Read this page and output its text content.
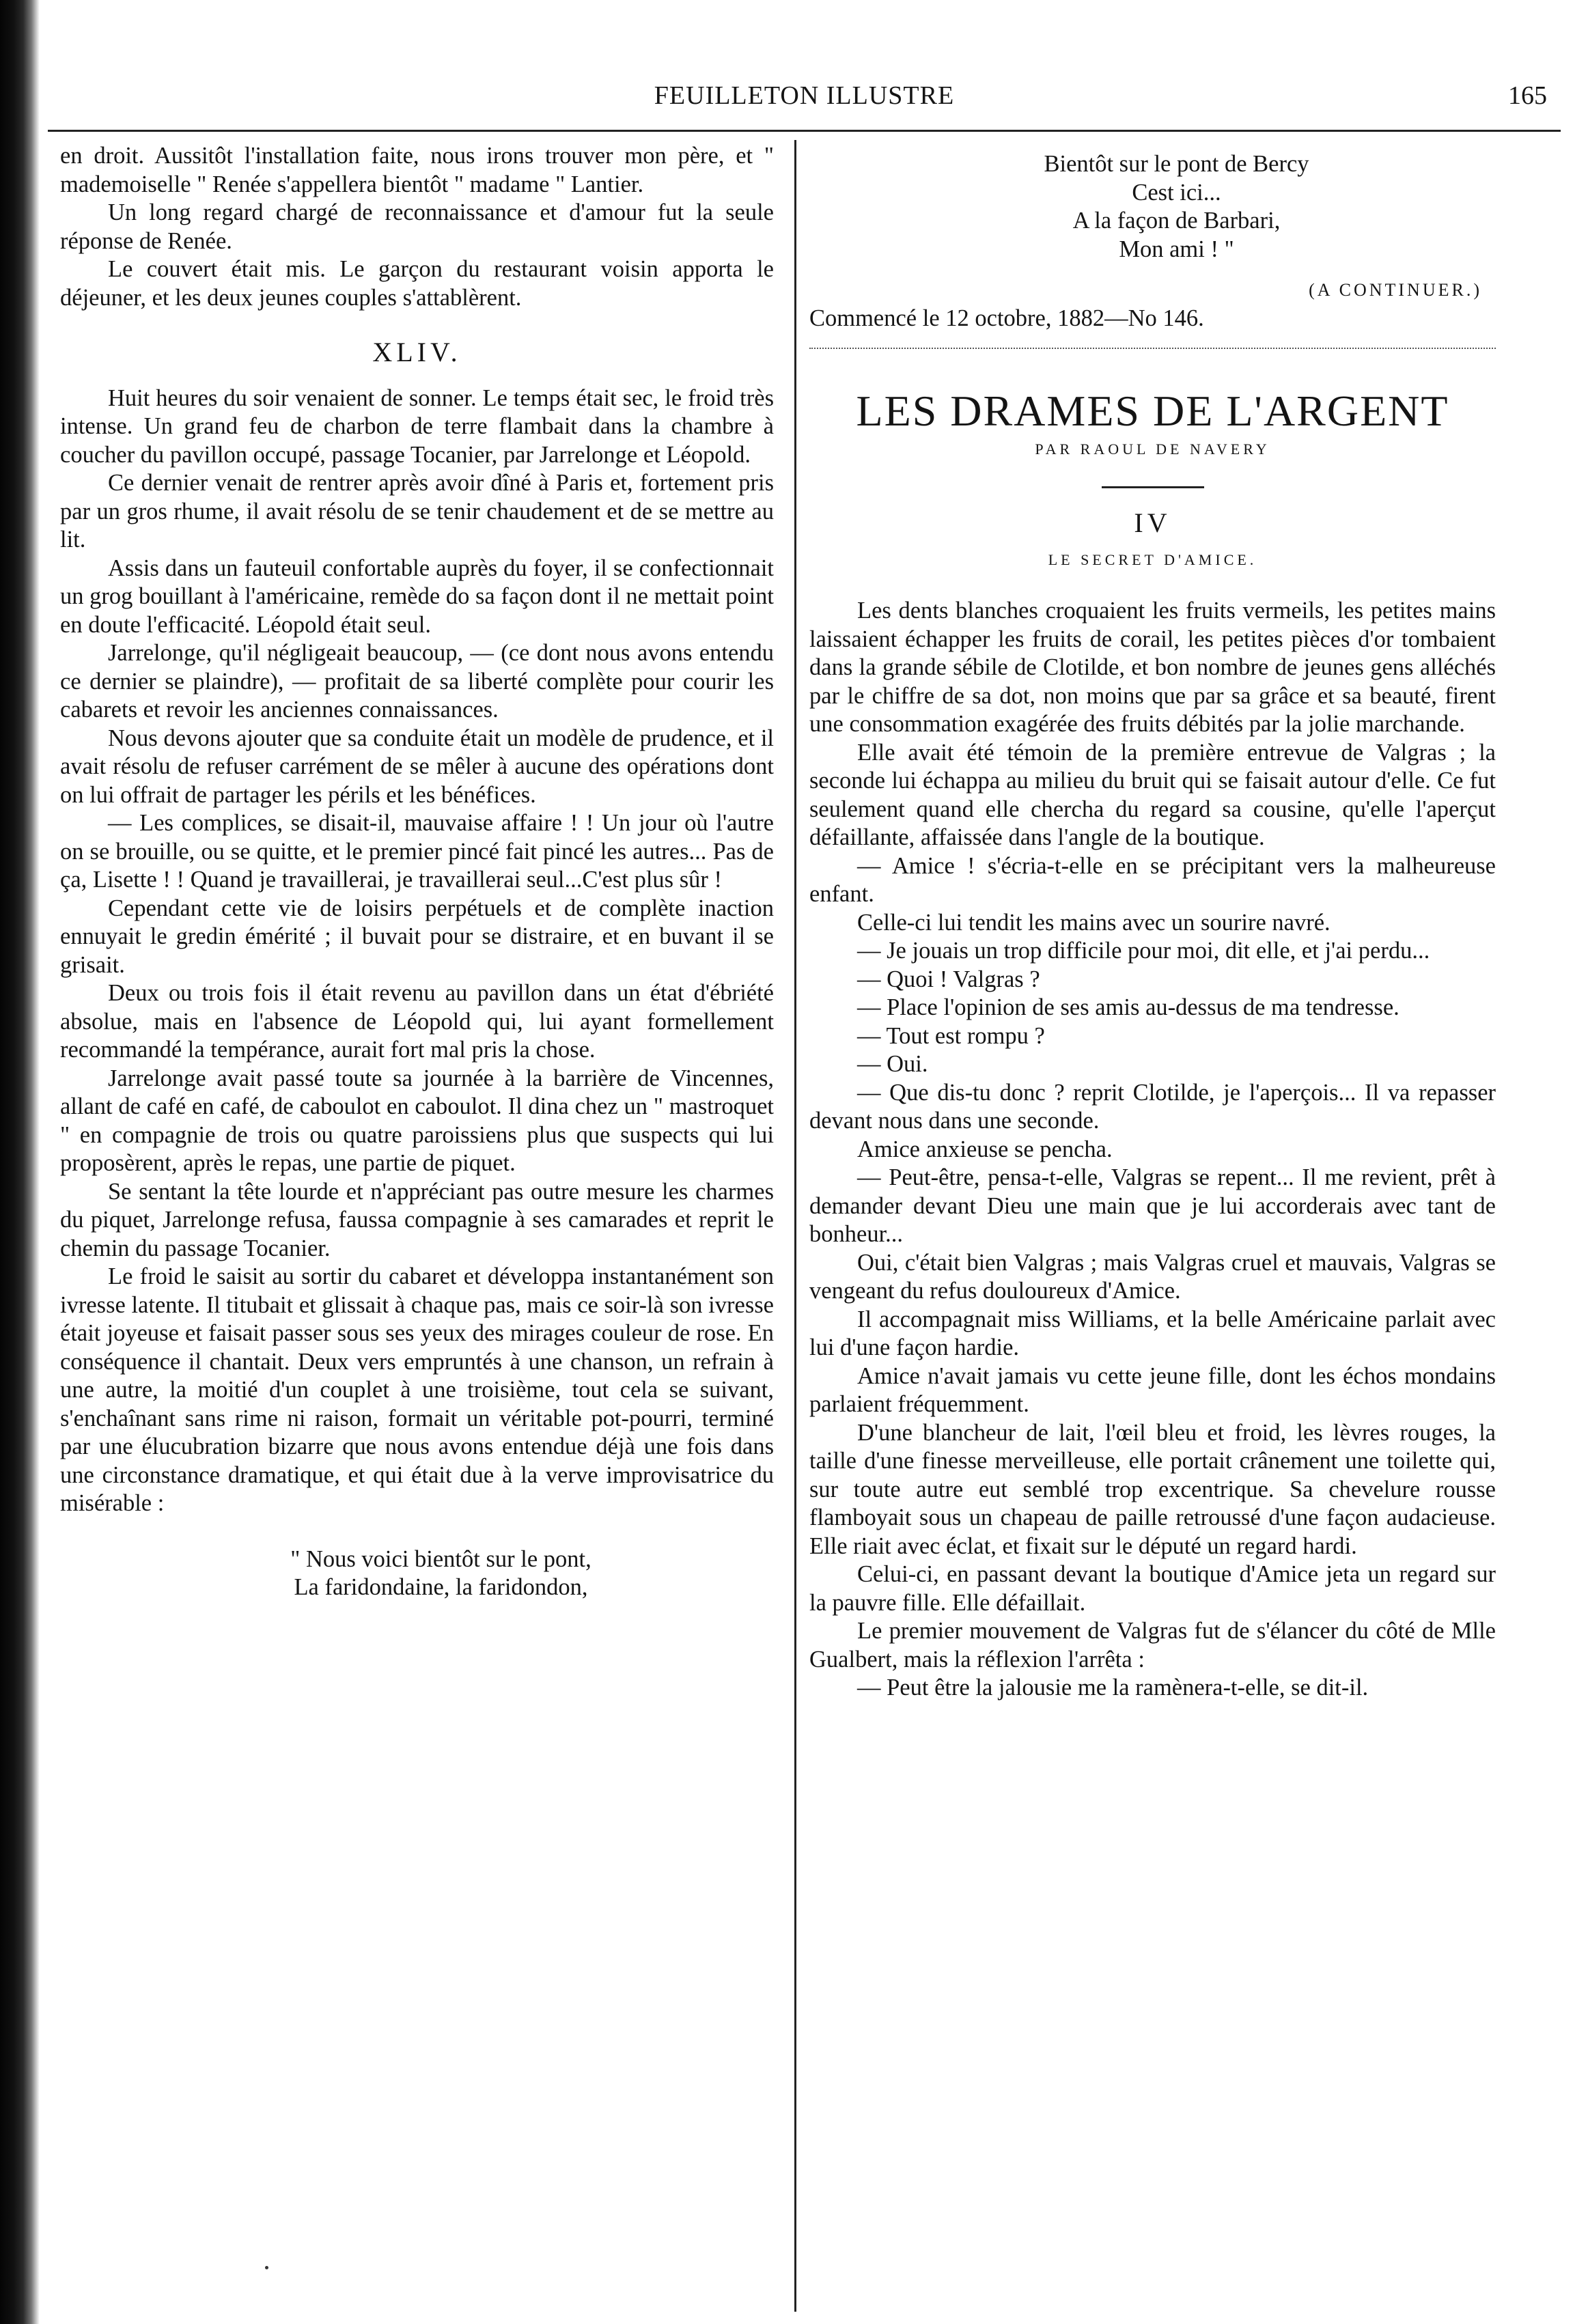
FEUILLETON ILLUSTRE	165

en droit. Aussitôt l'installation faite, nous irons trouver mon père, et " mademoiselle " Renée s'appellera bientôt " madame " Lantier.

Un long regard chargé de reconnaissance et d'amour fut la seule réponse de Renée.

Le couvert était mis. Le garçon du restaurant voisin apporta le déjeuner, et les deux jeunes couples s'attablèrent.

XLIV.

Huit heures du soir venaient de sonner. Le temps était sec, le froid très intense. Un grand feu de charbon de terre flambait dans la chambre à coucher du pavillon occupé, passage Tocanier, par Jarrelonge et Léopold.

Ce dernier venait de rentrer après avoir dîné à Paris et, fortement pris par un gros rhume, il avait résolu de se tenir chaudement et de se mettre au lit.

Assis dans un fauteuil confortable auprès du foyer, il se confectionnait un grog bouillant à l'américaine, remède do sa façon dont il ne mettait point en doute l'efficacité. Léopold était seul.

Jarrelonge, qu'il négligeait beaucoup, — (ce dont nous avons entendu ce dernier se plaindre), — profitait de sa liberté complète pour courir les cabarets et revoir les anciennes connaissances.

Nous devons ajouter que sa conduite était un modèle de prudence, et il avait résolu de refuser carrément de se mêler à aucune des opérations dont on lui offrait de partager les périls et les bénéfices.

— Les complices, se disait-il, mauvaise affaire ! ! Un jour où l'autre on se brouille, ou se quitte, et le premier pincé fait pincé les autres... Pas de ça, Lisette ! ! Quand je travaillerai, je travaillerai seul...C'est plus sûr !

Cependant cette vie de loisirs perpétuels et de complète inaction ennuyait le gredin émérité ; il buvait pour se distraire, et en buvant il se grisait.

Deux ou trois fois il était revenu au pavillon dans un état d'ébriété absolue, mais en l'absence de Léopold qui, lui ayant formellement recommandé la tempérance, aurait fort mal pris la chose.

Jarrelonge avait passé toute sa journée à la barrière de Vincennes, allant de café en café, de caboulot en caboulot. Il dina chez un " mastroquet " en compagnie de trois ou quatre paroissiens plus que suspects qui lui proposèrent, après le repas, une partie de piquet.

Se sentant la tête lourde et n'appréciant pas outre mesure les charmes du piquet, Jarrelonge refusa, faussa compagnie à ses camarades et reprit le chemin du passage Tocanier.

Le froid le saisit au sortir du cabaret et développa instantanément son ivresse latente. Il titubait et glissait à chaque pas, mais ce soir-là son ivresse était joyeuse et faisait passer sous ses yeux des mirages couleur de rose. En conséquence il chantait. Deux vers empruntés à une chanson, un refrain à une autre, la moitié d'un couplet à une troisième, tout cela se suivant, s'enchaînant sans rime ni raison, formait un véritable pot-pourri, terminé par une élucubration bizarre que nous avons entendue déjà une fois dans une circonstance dramatique, et qui était due à la verve improvisatrice du misérable :

" Nous voici bientôt sur le pont,

La faridondaine, la faridondon,

Bientôt sur le pont de Bercy

Cest ici...

A la façon de Barbari,

Mon ami ! "

(A CONTINUER.)

Commencé le 12 octobre, 1882—No 146.

LES DRAMES DE L'ARGENT
PAR RAOUL DE NAVERY
IV
LE SECRET D'AMICE.

Les dents blanches croquaient les fruits vermeils, les petites mains laissaient échapper les fruits de corail, les petites pièces d'or tombaient dans la grande sébile de Clotilde, et bon nombre de jeunes gens alléchés par le chiffre de sa dot, non moins que par sa grâce et sa beauté, firent une consommation exagérée des fruits débités par la jolie marchande.

Elle avait été témoin de la première entrevue de Valgras ; la seconde lui échappa au milieu du bruit qui se faisait autour d'elle. Ce fut seulement quand elle chercha du regard sa cousine, qu'elle l'aperçut défaillante, affaissée dans l'angle de la boutique.

— Amice ! s'écria-t-elle en se précipitant vers la malheureuse enfant.

Celle-ci lui tendit les mains avec un sourire navré.

— Je jouais un trop difficile pour moi, dit elle, et j'ai perdu...

— Quoi ! Valgras ?

— Place l'opinion de ses amis au-dessus de ma tendresse.

— Tout est rompu ?

— Oui.

— Que dis-tu donc ? reprit Clotilde, je l'aperçois... Il va repasser devant nous dans une seconde.

Amice anxieuse se pencha.

— Peut-être, pensa-t-elle, Valgras se repent... Il me revient, prêt à demander devant Dieu une main que je lui accorderais avec tant de bonheur...

Oui, c'était bien Valgras ; mais Valgras cruel et mauvais, Valgras se vengeant du refus douloureux d'Amice.

Il accompagnait miss Williams, et la belle Américaine parlait avec lui d'une façon hardie.

Amice n'avait jamais vu cette jeune fille, dont les échos mondains parlaient fréquemment.

D'une blancheur de lait, l'œil bleu et froid, les lèvres rouges, la taille d'une finesse merveilleuse, elle portait crânement une toilette qui, sur toute autre eut semblé trop excentrique. Sa chevelure rousse flamboyait sous un chapeau de paille retroussé d'une façon audacieuse. Elle riait avec éclat, et fixait sur le député un regard hardi.

Celui-ci, en passant devant la boutique d'Amice jeta un regard sur la pauvre fille. Elle défaillait.

Le premier mouvement de Valgras fut de s'élancer du côté de Mlle Gualbert, mais la réflexion l'arrêta :

— Peut être la jalousie me la ramènera-t-elle, se dit-il.
